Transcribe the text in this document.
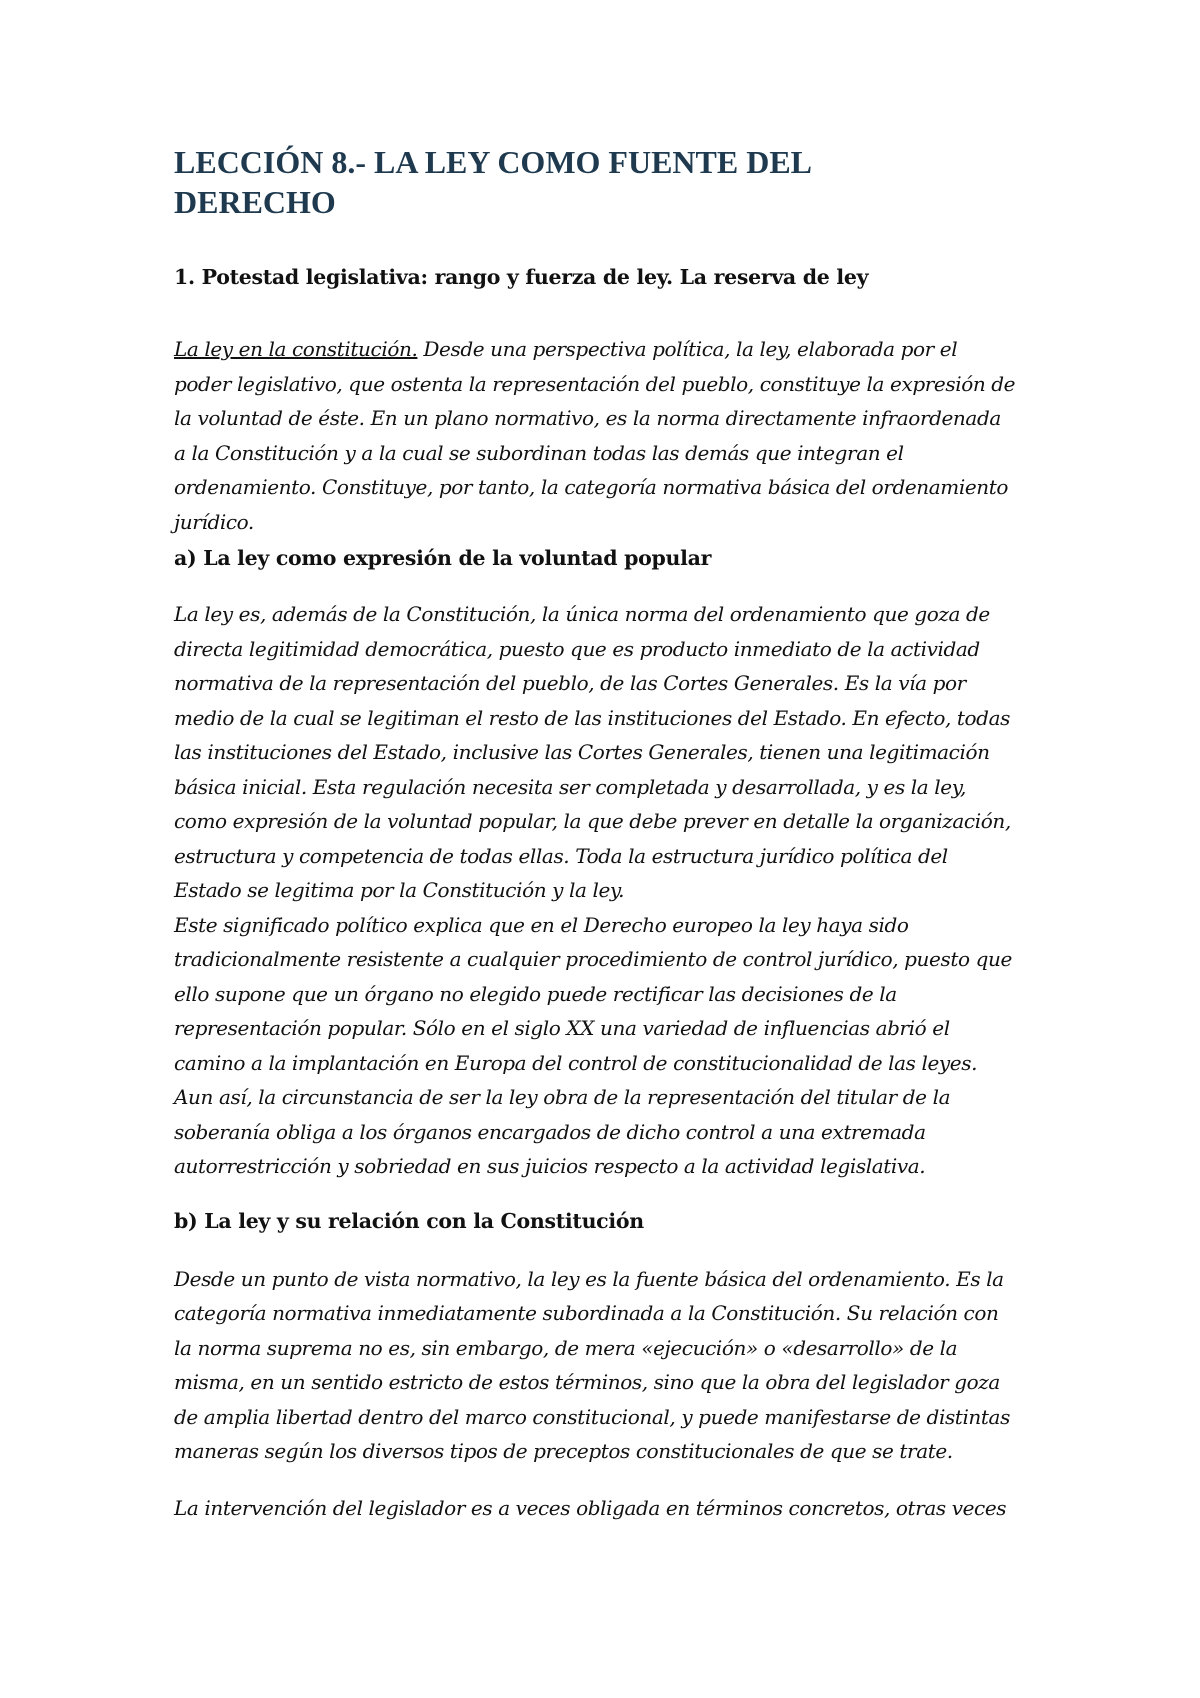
LECCIÓN 8.- LA LEY COMO FUENTE DEL
DERECHO
1. Potestad legislativa: rango y fuerza de ley. La reserva de ley

La ley en la constitución. Desde una perspectiva política, la ley, elaborada por el
poder legislativo, que ostenta la representación del pueblo, constituye la expresión de
la voluntad de éste. En un plano normativo, es la norma directamente infraordenada
a la Constitución y a la cual se subordinan todas las demás que integran el
ordenamiento. Constituye, por tanto, la categoría normativa básica del ordenamiento
jurídico.

a) La ley como expresión de la voluntad popular

La ley es, además de la Constitución, la única norma del ordenamiento que goza de
directa legitimidad democrática, puesto que es producto inmediato de la actividad
normativa de la representación del pueblo, de las Cortes Generales. Es la vía por
medio de la cual se legitiman el resto de las instituciones del Estado. En efecto, todas
las instituciones del Estado, inclusive las Cortes Generales, tienen una legitimación
básica inicial. Esta regulación necesita ser completada y desarrollada, y es la ley,
como expresión de la voluntad popular, la que debe prever en detalle la organización,
estructura y competencia de todas ellas. Toda la estructura jurídico política del
Estado se legitima por la Constitución y la ley.

Este significado político explica que en el Derecho europeo la ley haya sido
tradicionalmente resistente a cualquier procedimiento de control jurídico, puesto que
ello supone que un órgano no elegido puede rectificar las decisiones de la
representación popular. Sólo en el siglo XX una variedad de influencias abrió el
camino a la implantación en Europa del control de constitucionalidad de las leyes.
Aun así, la circunstancia de ser la ley obra de la representación del titular de la
soberanía obliga a los órganos encargados de dicho control a una extremada
autorrestricción y sobriedad en sus juicios respecto a la actividad legislativa.

b) La ley y su relación con la Constitución

Desde un punto de vista normativo, la ley es la fuente básica del ordenamiento. Es la
categoría normativa inmediatamente subordinada a la Constitución. Su relación con
la norma suprema no es, sin embargo, de mera «ejecución» o «desarrollo» de la
misma, en un sentido estricto de estos términos, sino que la obra del legislador goza
de amplia libertad dentro del marco constitucional, y puede manifestarse de distintas
maneras según los diversos tipos de preceptos constitucionales de que se trate.

La intervención del legislador es a veces obligada en términos concretos, otras veces
